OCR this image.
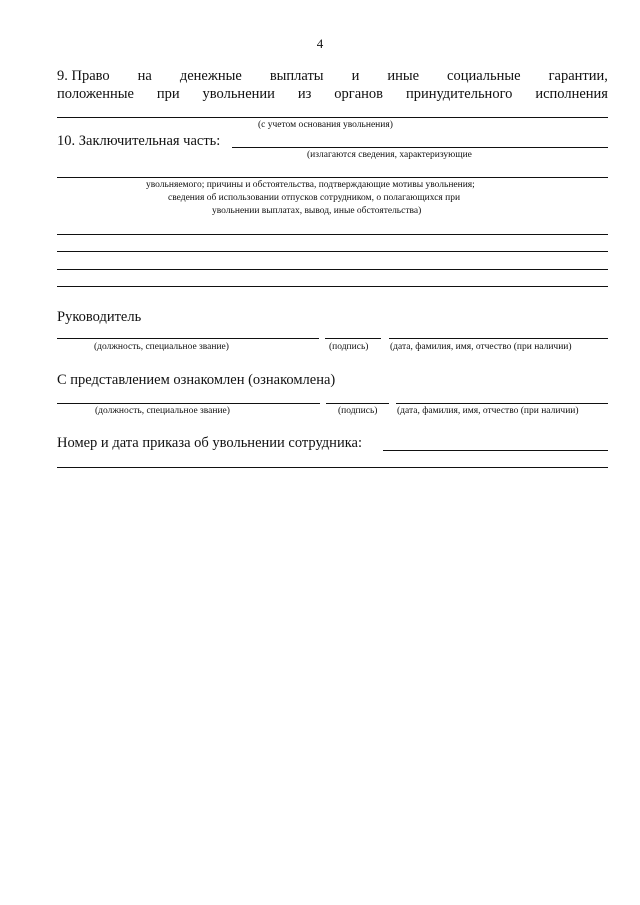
4
9. Право на денежные выплаты и иные социальные гарантии,
положенные при увольнении из органов принудительного исполнения
(с учетом основания увольнения)
10. Заключительная часть:
(излагаются сведения, характеризующие
увольняемого; причины и обстоятельства, подтверждающие мотивы увольнения;
сведения об использовании отпусков сотрудником, о полагающихся при
увольнении выплатах, вывод, иные обстоятельства)
Руководитель
(должность, специальное звание)	(подпись) (дата, фамилия, имя, отчество (при наличии)
С представлением ознакомлен (ознакомлена)
(должность, специальное звание)	(подпись) (дата, фамилия, имя, отчество (при наличии)
Номер и дата приказа об увольнении сотрудника:
